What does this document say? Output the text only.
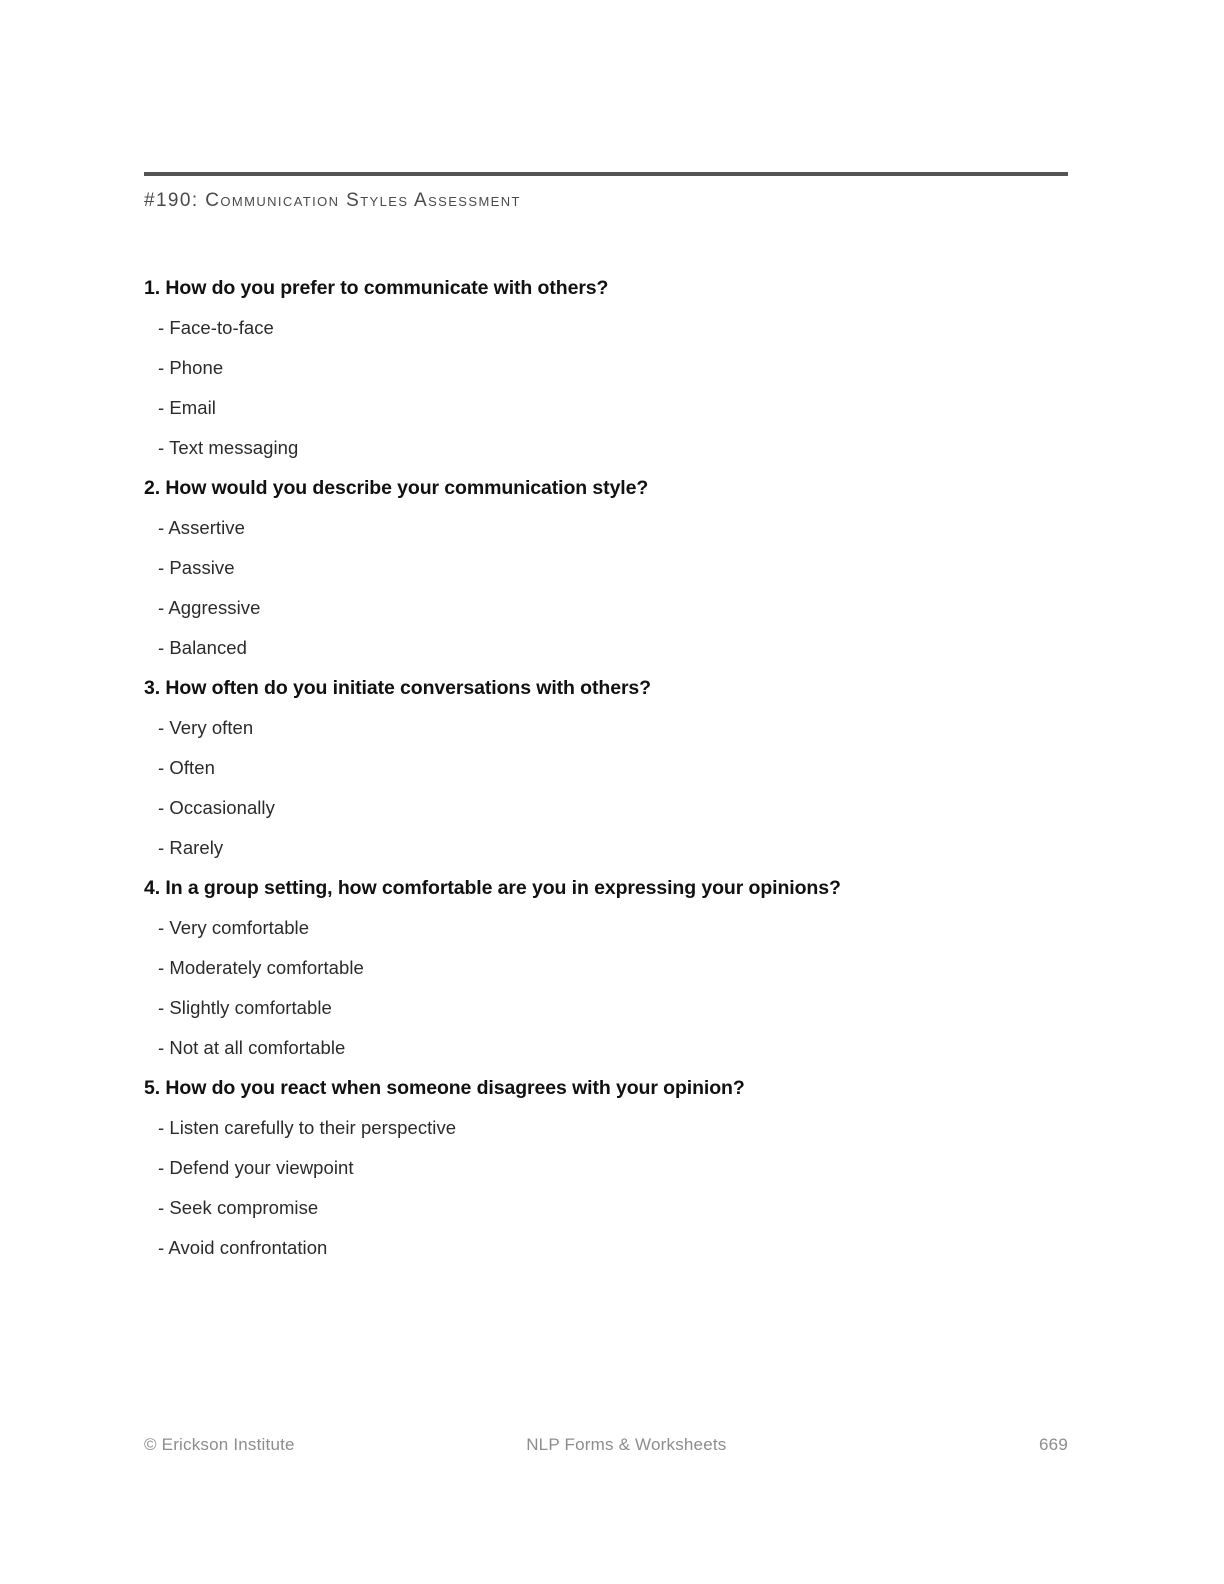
#190: Communication Styles Assessment
1. How do you prefer to communicate with others?
- Face-to-face
- Phone
- Email
- Text messaging
2. How would you describe your communication style?
- Assertive
- Passive
- Aggressive
- Balanced
3. How often do you initiate conversations with others?
- Very often
- Often
- Occasionally
- Rarely
4. In a group setting, how comfortable are you in expressing your opinions?
- Very comfortable
- Moderately comfortable
- Slightly comfortable
- Not at all comfortable
5. How do you react when someone disagrees with your opinion?
- Listen carefully to their perspective
- Defend your viewpoint
- Seek compromise
- Avoid confrontation
© Erickson Institute	NLP Forms & Worksheets	669
